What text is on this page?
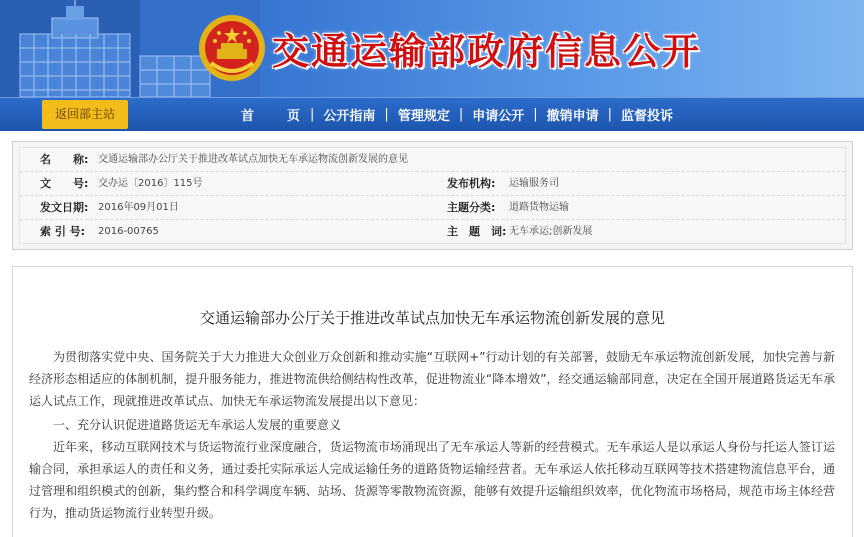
交通运输部政府信息公开
返回部主站	首　页 | 公开指南 | 管理规定 | 申请公开 | 撤销申请 | 监督投诉
名　　称: 交通运输部办公厅关于推进改革试点加快无车承运物流创新发展的意见
文　　号: 交办运〔2016〕115号	发布机构: 运输服务司
发文日期: 2016年09月01日	主题分类: 道路货物运输
索 引 号: 2016-00765	主　题　词: 无车承运;创新发展
交通运输部办公厅关于推进改革试点加快无车承运物流创新发展的意见

为贯彻落实党中央、国务院关于大力推进大众创业万众创新和推动实施“互联网+”行动计划的有关部署，鼓励无车承运物流创新发展，加快完善与新经济形态相适应的体制机制，提升服务能力，推进物流供给侧结构性改革，促进物流业“降本增效”，经交通运输部同意，决定在全国开展道路货运无车承运人试点工作，现就推进改革试点、加快无车承运物流发展提出以下意见：

一、充分认识促进道路货运无车承运人发展的重要意义

近年来，移动互联网技术与货运物流行业深度融合，货运物流市场涌现出了无车承运人等新的经营模式。无车承运人是以承运人身份与托运人签订运输合同，承担承运人的责任和义务，通过委托实际承运人完成运输任务的道路货物运输经营者。无车承运人依托移动互联网等技术搭建物流信息平台，通过管理和组织模式的创新，集约整合和科学调度车辆、站场、货源等零散物流资源，能够有效提升运输组织效率，优化物流市场格局，规范市场主体经营行为，推动货运物流行业转型升级。
